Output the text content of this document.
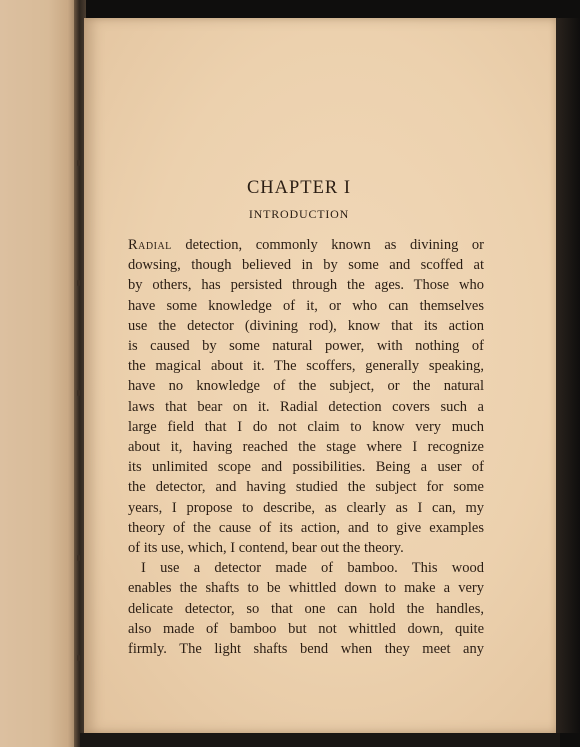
CHAPTER I
INTRODUCTION
Radial detection, commonly known as divining or
dowsing, though believed in by some and scoffed at
by others, has persisted through the ages. Those who
have some knowledge of it, or who can themselves
use the detector (divining rod), know that its action
is caused by some natural power, with nothing of
the magical about it. The scoffers, generally speaking,
have no knowledge of the subject, or the natural
laws that bear on it. Radial detection covers such a
large field that I do not claim to know very much
about it, having reached the stage where I recognize
its unlimited scope and possibilities. Being a user of
the detector, and having studied the subject for some
years, I propose to describe, as clearly as I can, my
theory of the cause of its action, and to give examples
of its use, which, I contend, bear out the theory.
I use a detector made of bamboo. This wood
enables the shafts to be whittled down to make a very
delicate detector, so that one can hold the handles,
also made of bamboo but not whittled down, quite
firmly. The light shafts bend when they meet any
